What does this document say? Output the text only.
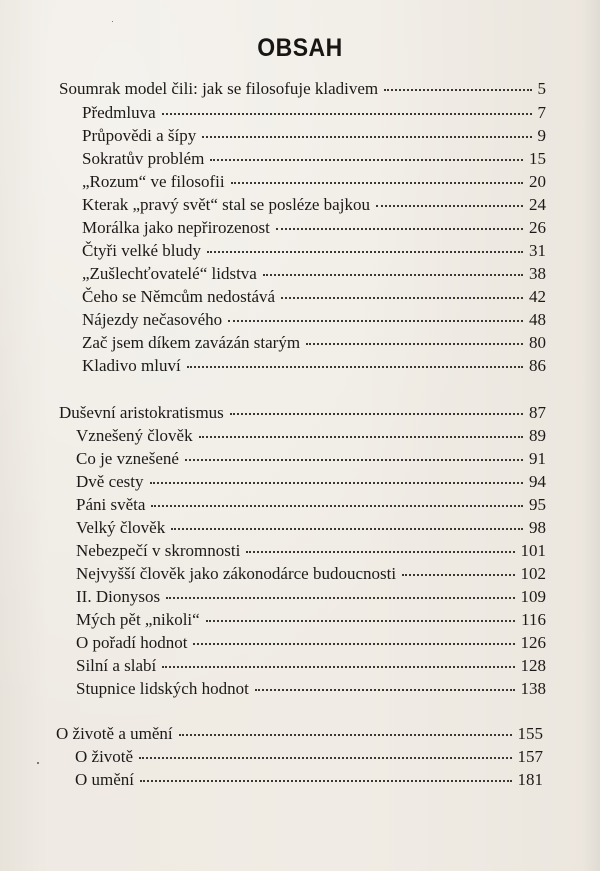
OBSAH
Soumrak model čili: jak se filosofuje kladivem	5
Předmluva	7
Průpovědi a šípy	9
Sokratův problém	15
„Rozum“ ve filosofii	20
Kterak „pravý svět“ stal se posléze bajkou	24
Morálka jako nepřirozenost	26
Čtyři velké bludy	31
„Zušlechťovatelé“ lidstva	38
Čeho se Němcům nedostává	42
Nájezdy nečasového	48
Zač jsem díkem zavázán starým	80
Kladivo mluví	86
Duševní aristokratismus	87
Vznešený člověk	89
Co je vznešené	91
Dvě cesty	94
Páni světa	95
Velký člověk	98
Nebezpečí v skromnosti	101
Nejvyšší člověk jako zákonodárce budoucnosti	102
II. Dionysos	109
Mých pět „nikoli“	116
O pořadí hodnot	126
Silní a slabí	128
Stupnice lidských hodnot	138
O životě a umění	155
O životě	157
O umění	181
